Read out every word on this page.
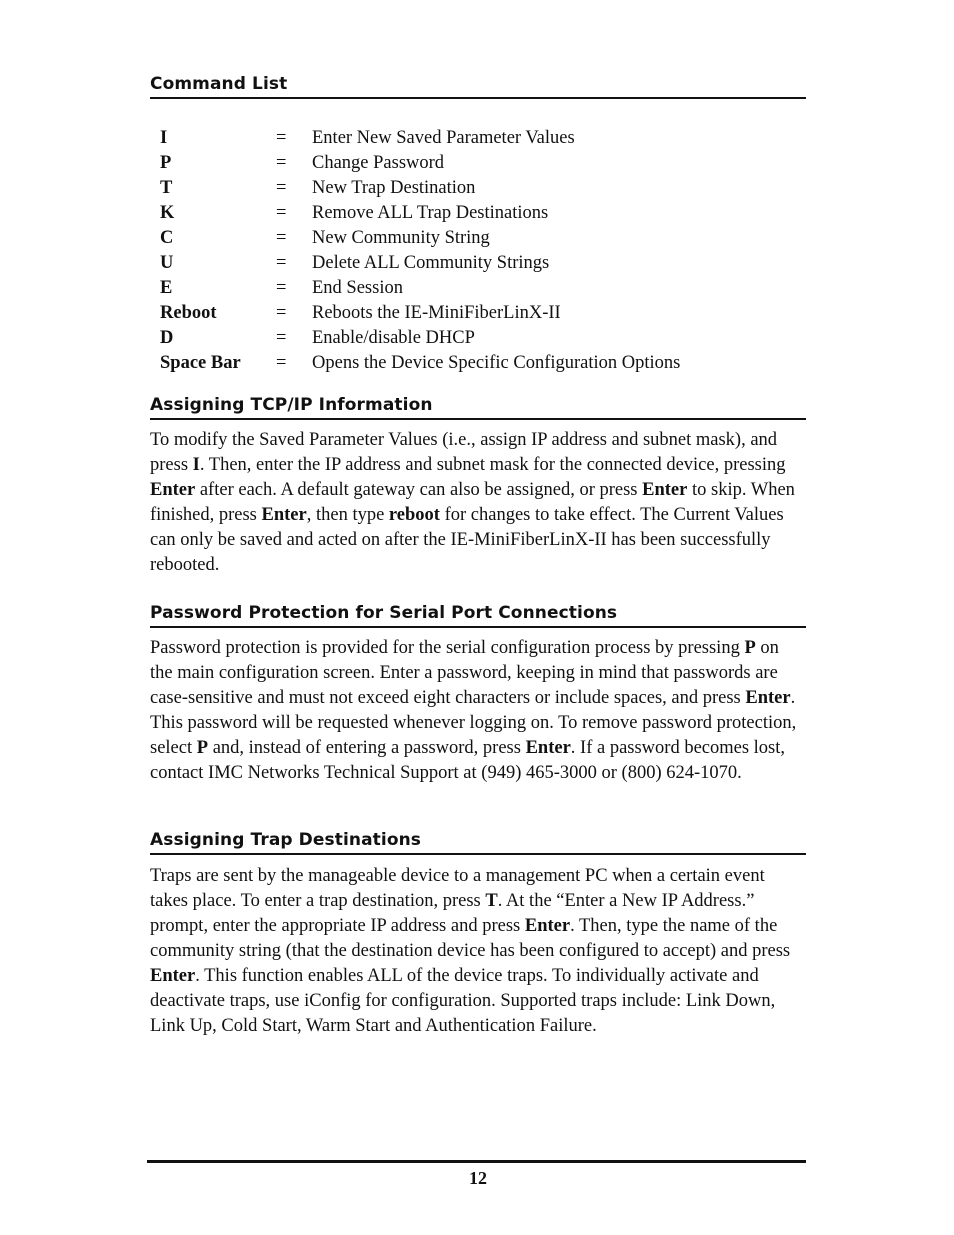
Command List
I	= Enter New Saved Parameter Values
P	= Change Password
T	= New Trap Destination
K	= Remove ALL Trap Destinations
C	= New Community String
U	= Delete ALL Community Strings
E	= End Session
Reboot	= Reboots the IE-MiniFiberLinX-II
D	= Enable/disable DHCP
Space Bar = Opens the Device Specific Configuration Options
Assigning TCP/IP Information

To modify the Saved Parameter Values (i.e., assign IP address and subnet mask), and press I. Then, enter the IP address and subnet mask for the connected device, pressing Enter after each. A default gateway can also be assigned, or press Enter to skip. When finished, press Enter, then type reboot for changes to take effect. The Current Values can only be saved and acted on after the IE-MiniFiberLinX-II has been successfully rebooted.

Password Protection for Serial Port Connections

Password protection is provided for the serial configuration process by pressing P on the main configuration screen. Enter a password, keeping in mind that passwords are case-sensitive and must not exceed eight characters or include spaces, and press Enter. This password will be requested whenever logging on. To remove password protection, select P and, instead of entering a password, press Enter. If a password becomes lost, contact IMC Networks Technical Support at (949) 465-3000 or (800) 624-1070.

Assigning Trap Destinations

Traps are sent by the manageable device to a management PC when a certain event takes place. To enter a trap destination, press T. At the “Enter a New IP Address.” prompt, enter the appropriate IP address and press Enter. Then, type the name of the community string (that the destination device has been configured to accept) and press Enter. This function enables ALL of the device traps. To individually activate and deactivate traps, use iConfig for configuration. Supported traps include: Link Down, Link Up, Cold Start, Warm Start and Authentication Failure.

12
